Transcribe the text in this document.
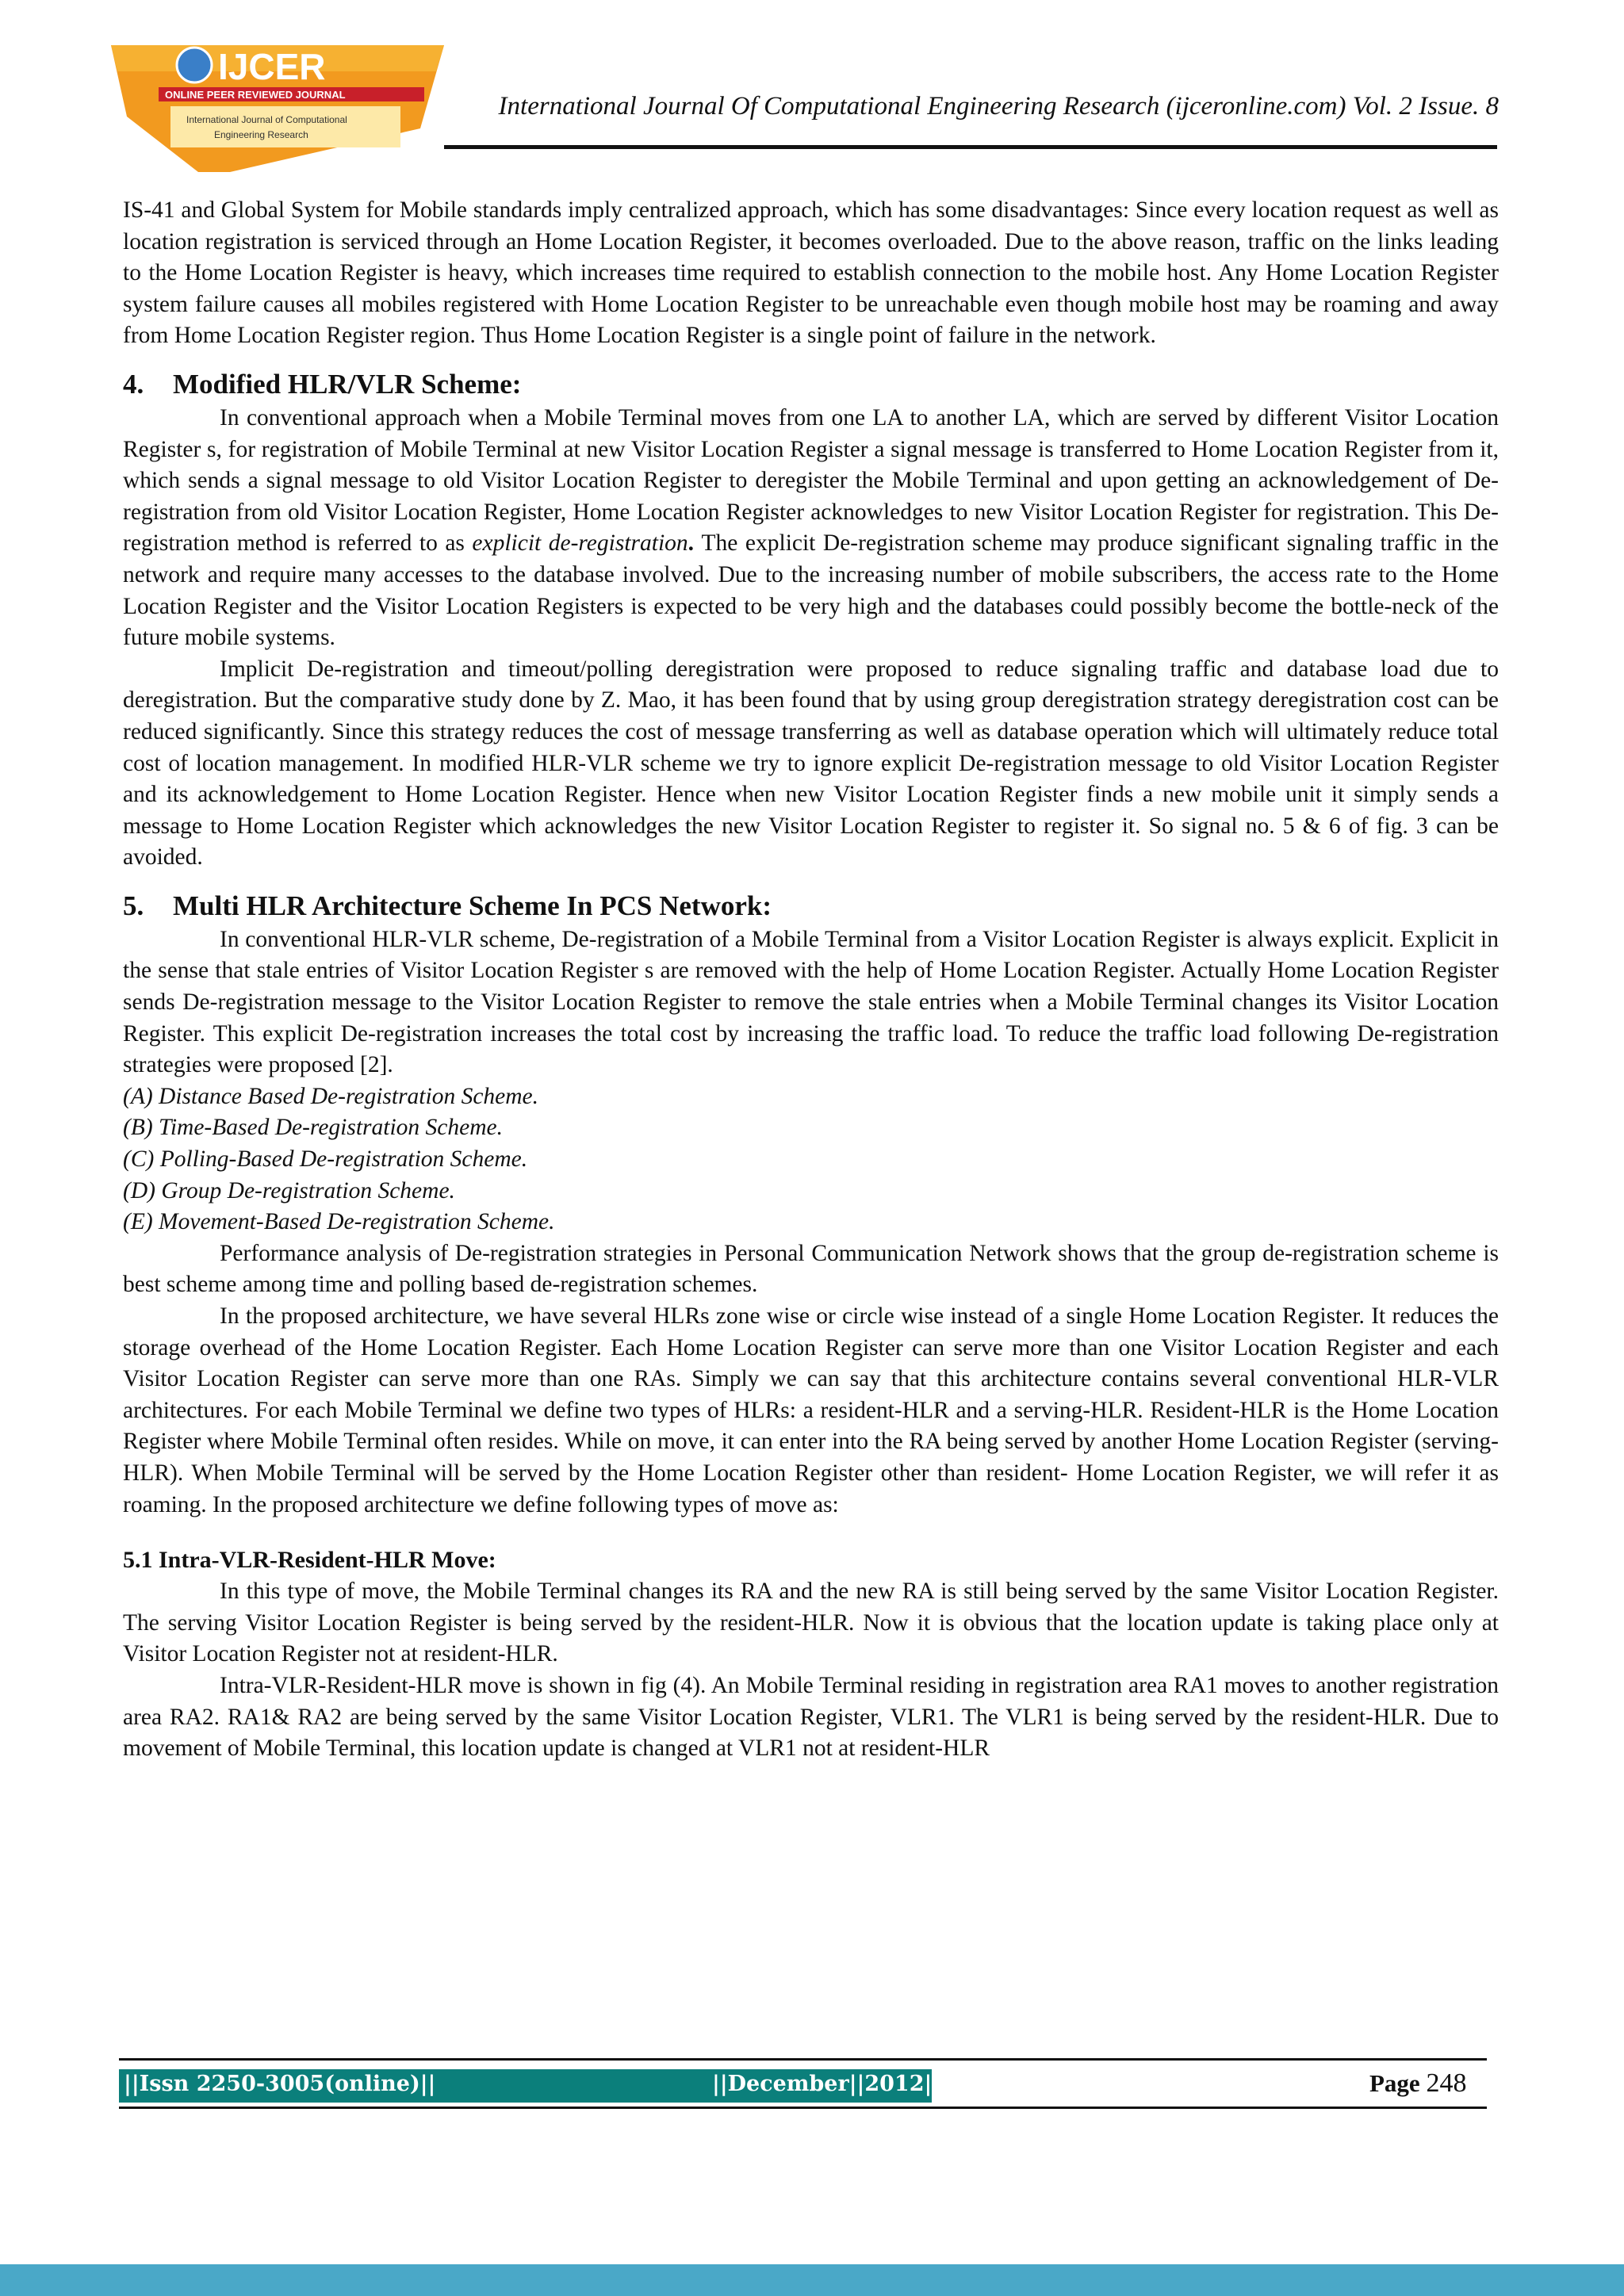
IJCER
ONLINE PEER REVIEWED JOURNAL
International Journal of Computational
Engineering Research
International Journal Of Computational Engineering Research (ijceronline.com) Vol. 2 Issue. 8

IS-41 and Global System for Mobile standards imply centralized approach, which has some disadvantages: Since every location request as well as location registration is serviced through an Home Location Register, it becomes overloaded. Due to the above reason, traffic on the links leading to the Home Location Register is heavy, which increases time required to establish connection to the mobile host. Any Home Location Register system failure causes all mobiles registered with Home Location Register to be unreachable even though mobile host may be roaming and away from Home Location Register region. Thus Home Location Register is a single point of failure in the network.

4. Modified HLR/VLR Scheme:

In conventional approach when a Mobile Terminal moves from one LA to another LA, which are served by different Visitor Location Register s, for registration of Mobile Terminal at new Visitor Location Register a signal message is transferred to Home Location Register from it, which sends a signal message to old Visitor Location Register to deregister the Mobile Terminal and upon getting an acknowledgement of De-registration from old Visitor Location Register, Home Location Register acknowledges to new Visitor Location Register for registration. This De-registration method is referred to as explicit de-registration. The explicit De-registration scheme may produce significant signaling traffic in the network and require many accesses to the database involved. Due to the increasing number of mobile subscribers, the access rate to the Home Location Register and the Visitor Location Registers is expected to be very high and the databases could possibly become the bottle-neck of the future mobile systems.

Implicit De-registration and timeout/polling deregistration were proposed to reduce signaling traffic and database load due to deregistration. But the comparative study done by Z. Mao, it has been found that by using group deregistration strategy deregistration cost can be reduced significantly. Since this strategy reduces the cost of message transferring as well as database operation which will ultimately reduce total cost of location management. In modified HLR-VLR scheme we try to ignore explicit De-registration message to old Visitor Location Register and its acknowledgement to Home Location Register. Hence when new Visitor Location Register finds a new mobile unit it simply sends a message to Home Location Register which acknowledges the new Visitor Location Register to register it. So signal no. 5 & 6 of fig. 3 can be avoided.

5. Multi HLR Architecture Scheme In PCS Network:

In conventional HLR-VLR scheme, De-registration of a Mobile Terminal from a Visitor Location Register is always explicit. Explicit in the sense that stale entries of Visitor Location Register s are removed with the help of Home Location Register. Actually Home Location Register sends De-registration message to the Visitor Location Register to remove the stale entries when a Mobile Terminal changes its Visitor Location Register. This explicit De-registration increases the total cost by increasing the traffic load. To reduce the traffic load following De-registration strategies were proposed [2].

(A) Distance Based De-registration Scheme.

(B) Time-Based De-registration Scheme.

(C) Polling-Based De-registration Scheme.

(D) Group De-registration Scheme.

(E) Movement-Based De-registration Scheme.

Performance analysis of De-registration strategies in Personal Communication Network shows that the group de-registration scheme is best scheme among time and polling based de-registration schemes.

In the proposed architecture, we have several HLRs zone wise or circle wise instead of a single Home Location Register. It reduces the storage overhead of the Home Location Register. Each Home Location Register can serve more than one Visitor Location Register and each Visitor Location Register can serve more than one RAs. Simply we can say that this architecture contains several conventional HLR-VLR architectures. For each Mobile Terminal we define two types of HLRs: a resident-HLR and a serving-HLR. Resident-HLR is the Home Location Register where Mobile Terminal often resides. While on move, it can enter into the RA being served by another Home Location Register (serving-HLR). When Mobile Terminal will be served by the Home Location Register other than resident- Home Location Register, we will refer it as roaming. In the proposed architecture we define following types of move as:

5.1 Intra-VLR-Resident-HLR Move:

In this type of move, the Mobile Terminal changes its RA and the new RA is still being served by the same Visitor Location Register. The serving Visitor Location Register is being served by the resident-HLR. Now it is obvious that the location update is taking place only at Visitor Location Register not at resident-HLR.

Intra-VLR-Resident-HLR move is shown in fig (4). An Mobile Terminal residing in registration area RA1 moves to another registration area RA2. RA1& RA2 are being served by the same Visitor Location Register, VLR1. The VLR1 is being served by the resident-HLR. Due to movement of Mobile Terminal, this location update is changed at VLR1 not at resident-HLR

||Issn 2250-3005(online)||	||December||2012||	Page 248
